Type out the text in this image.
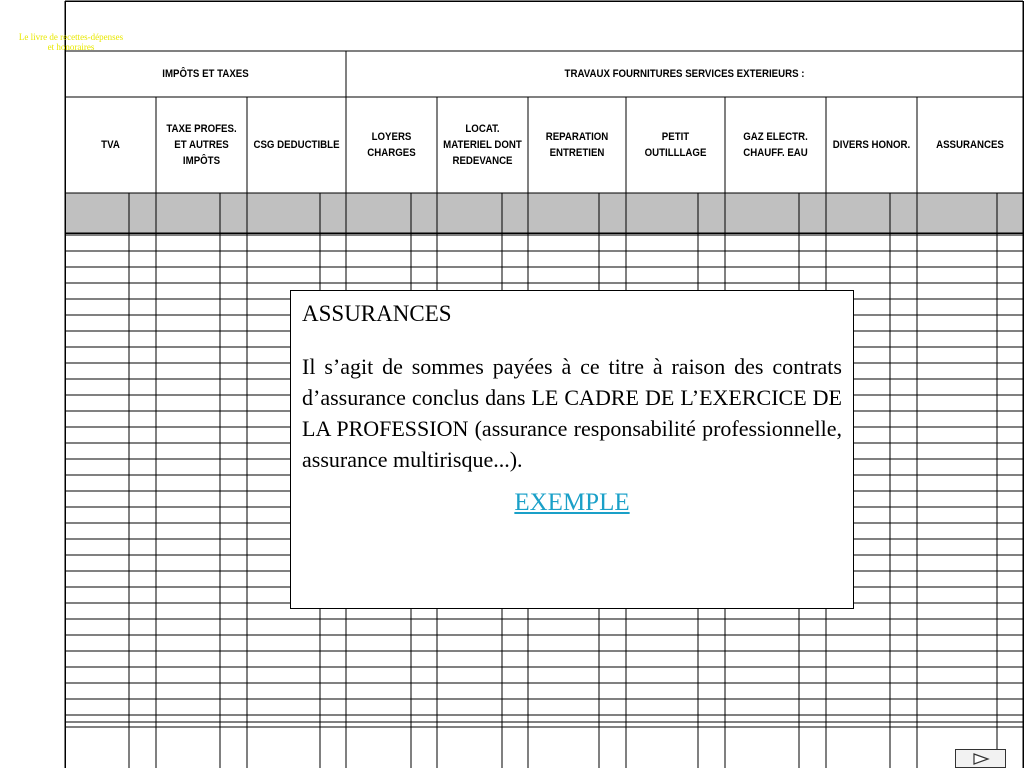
Le livre de recettes-dépenses
et honoraires
IMPÔTS ET TAXES	TRAVAUX FOURNITURES SERVICES EXTERIEURS :
TVA
TAXE PROFES.
ET AUTRES
IMPÔTS
CSG DEDUCTIBLE
LOYERS
CHARGES
LOCAT.
MATERIEL DONT
REDEVANCE
REPARATION
ENTRETIEN
PETIT
OUTILLLAGE
GAZ ELECTR.
CHAUFF. EAU
DIVERS HONOR.	ASSURANCES
ASSURANCES
Il s’agit de sommes payées à ce titre à raison des contrats d’assurance conclus dans LE CADRE DE L’EXERCICE DE LA PROFESSION (assurance responsabilité professionnelle, assurance multirisque...).
EXEMPLE
